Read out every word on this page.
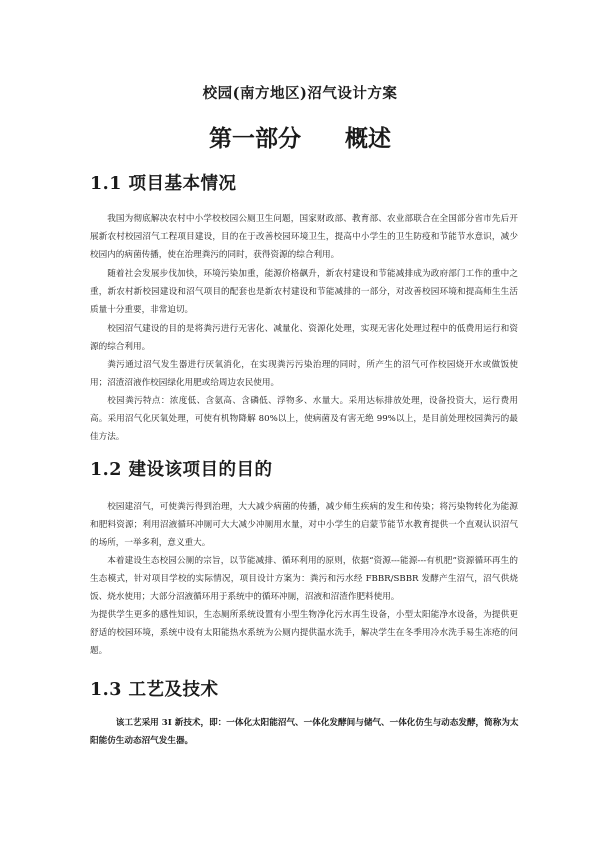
校园(南方地区)沼气设计方案
第一部分 概述
1.1 项目基本情况
我国为彻底解决农村中小学校校园公厕卫生问题，国家财政部、教育部、农业部联合在全国部分省市先后开展新农村校园沼气工程项目建设，目的在于改善校园环境卫生，提高中小学生的卫生防疫和节能节水意识，减少校园内的病菌传播，使在治理粪污的同时，获得资源的综合利用。
随着社会发展步伐加快，环境污染加重，能源价格飙升，新农村建设和节能减排成为政府部门工作的重中之重，新农村新校园建设和沼气项目的配套也是新农村建设和节能减排的一部分，对改善校园环境和提高师生生活质量十分重要，非常迫切。
校园沼气建设的目的是将粪污进行无害化、减量化、资源化处理，实现无害化处理过程中的低费用运行和资源的综合利用。
粪污通过沼气发生器进行厌氧消化，在实现粪污污染治理的同时，所产生的沼气可作校园烧开水或做饭使用；沼渣沼液作校园绿化用肥或给周边农民使用。
校园粪污特点：浓度低、含氨高、含磷低、浮物多、水量大。采用达标排放处理，设备投资大，运行费用高。采用沼气化厌氧处理，可使有机物降解 80%以上，使病菌及有害无绝 99%以上，是目前处理校园粪污的最佳方法。
1.2 建设该项目的目的
校园建沼气，可使粪污得到治理，大大减少病菌的传播，减少师生疾病的发生和传染；将污染物转化为能源和肥料资源；利用沼液循环冲厕可大大减少冲厕用水量，对中小学生的启蒙节能节水教育提供一个直观认识沼气的场所，一举多利，意义重大。
本着建设生态校园公厕的宗旨，以节能减排、循环利用的原则，依据“资源---能源---有机肥”资源循环再生的生态模式，针对项目学校的实际情况，项目设计方案为：粪污和污水经 FBBR/SBBR 发酵产生沼气，沼气供烧饭、烧水使用；大部分沼液循环用于系统中的循环冲厕，沼液和沼渣作肥料使用。
为提供学生更多的感性知识，生态厕所系统设置有小型生物净化污水再生设备，小型太阳能净水设备，为提供更舒适的校园环境，系统中设有太阳能热水系统为公厕内提供温水洗手，解决学生在冬季用冷水洗手易生冻疮的问题。
1.3 工艺及技术
该工艺采用 3I 新技术，即：一体化太阳能沼气、一体化发酵间与储气、一体化仿生与动态发酵，简称为太阳能仿生动态沼气发生器。
